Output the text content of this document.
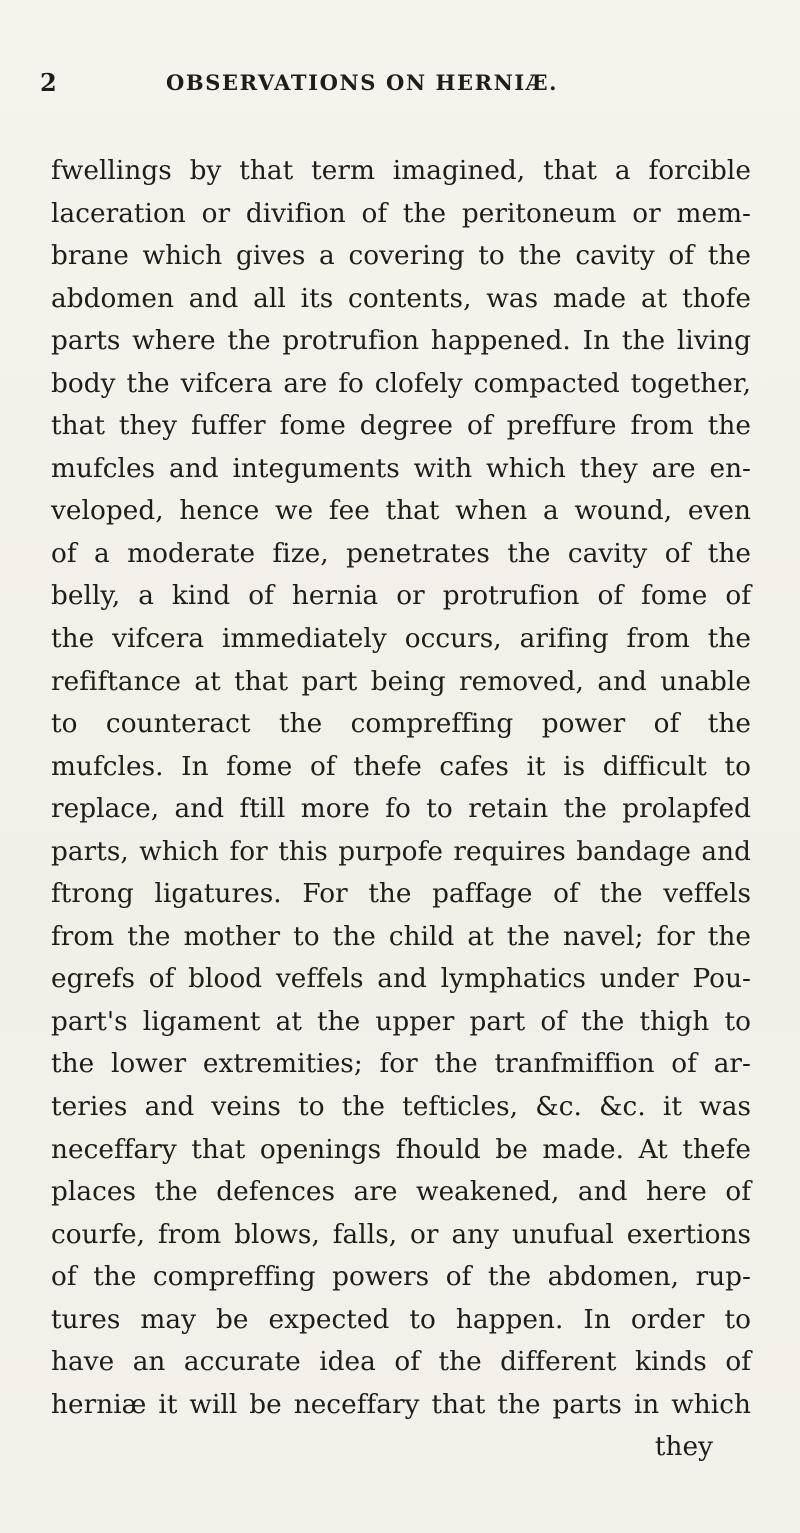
2	OBSERVATIONS ON HERNIÆ.
fwellings by that term imagined, that a forcible
laceration or divifion of the peritoneum or mem-
brane which gives a covering to the cavity of the
abdomen and all its contents, was made at thofe
parts where the protrufion happened. In the living
body the vifcera are fo clofely compacted together,
that they fuffer fome degree of preffure from the
mufcles and integuments with which they are en-
veloped, hence we fee that when a wound, even
of a moderate fize, penetrates the cavity of the
belly, a kind of hernia or protrufion of fome of
the vifcera immediately occurs, arifing from the
refiftance at that part being removed, and unable
to counteract the compreffing power of the
mufcles. In fome of thefe cafes it is difficult to
replace, and ftill more fo to retain the prolapfed
parts, which for this purpofe requires bandage and
ftrong ligatures. For the paffage of the veffels
from the mother to the child at the navel; for the
egrefs of blood veffels and lymphatics under Pou-
part's ligament at the upper part of the thigh to
the lower extremities; for the tranfmiffion of ar-
teries and veins to the tefticles, &c. &c. it was
neceffary that openings fhould be made. At thefe
places the defences are weakened, and here of
courfe, from blows, falls, or any unufual exertions
of the compreffing powers of the abdomen, rup-
tures may be expected to happen. In order to
have an accurate idea of the different kinds of
herniæ it will be neceffary that the parts in which
they
